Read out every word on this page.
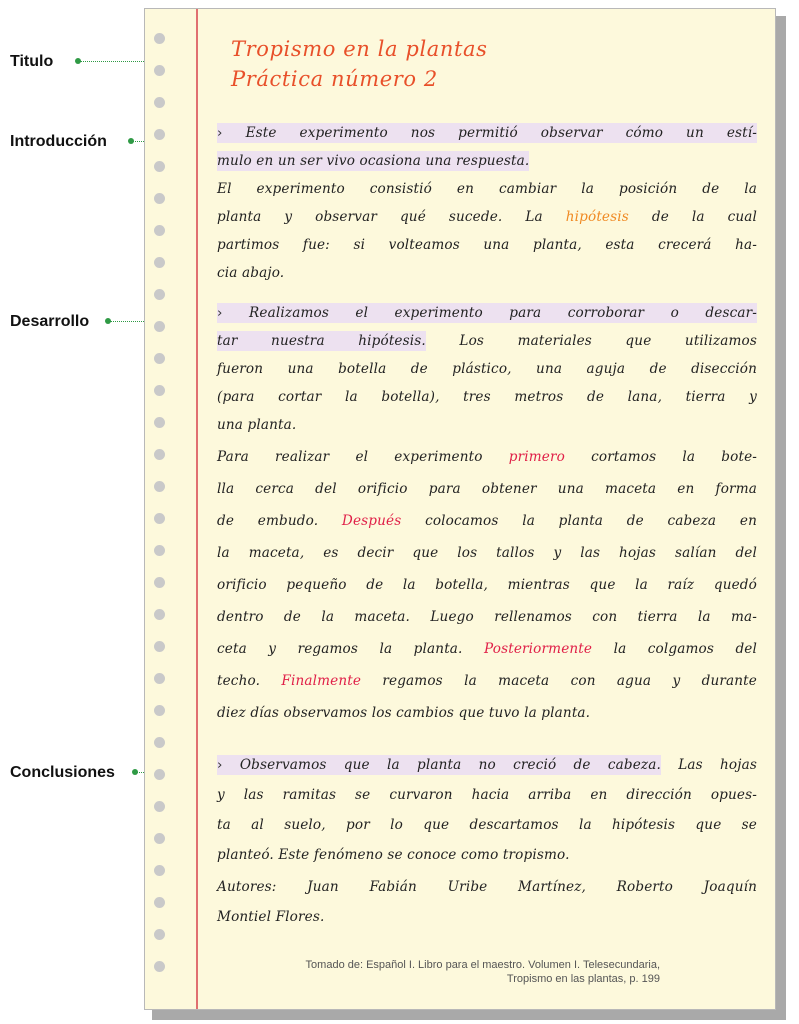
Titulo
Introducción
Desarrollo
Conclusiones
Tropismo en la plantas
Práctica número 2
› Este experimento nos permitió observar cómo un estí-
mulo en un ser vivo ocasiona una respuesta.
El experimento consistió en cambiar la posición de la
planta y observar qué sucede. La hipótesis de la cual
partimos fue: si volteamos una planta, esta crecerá ha-
cia abajo.
› Realizamos el experimento para corroborar o descar-
tar nuestra hipótesis. Los materiales que utilizamos
fueron una botella de plástico, una aguja de disección
(para cortar la botella), tres metros de lana, tierra y
una planta.
Para realizar el experimento primero cortamos la bote-
lla cerca del orificio para obtener una maceta en forma
de embudo. Después colocamos la planta de cabeza en
la maceta, es decir que los tallos y las hojas salían del
orificio pequeño de la botella, mientras que la raíz quedó
dentro de la maceta. Luego rellenamos con tierra la ma-
ceta y regamos la planta. Posteriormente la colgamos del
techo. Finalmente regamos la maceta con agua y durante
diez días observamos los cambios que tuvo la planta.
› Observamos que la planta no creció de cabeza. Las hojas
y las ramitas se curvaron hacia arriba en dirección opues-
ta al suelo, por lo que descartamos la hipótesis que se
planteó. Este fenómeno se conoce como tropismo.
Autores: Juan Fabián Uribe Martínez, Roberto Joaquín
Montiel Flores.
Tomado de: Español I. Libro para el maestro. Volumen I. Telesecundaria,
Tropismo en las plantas, p. 199
